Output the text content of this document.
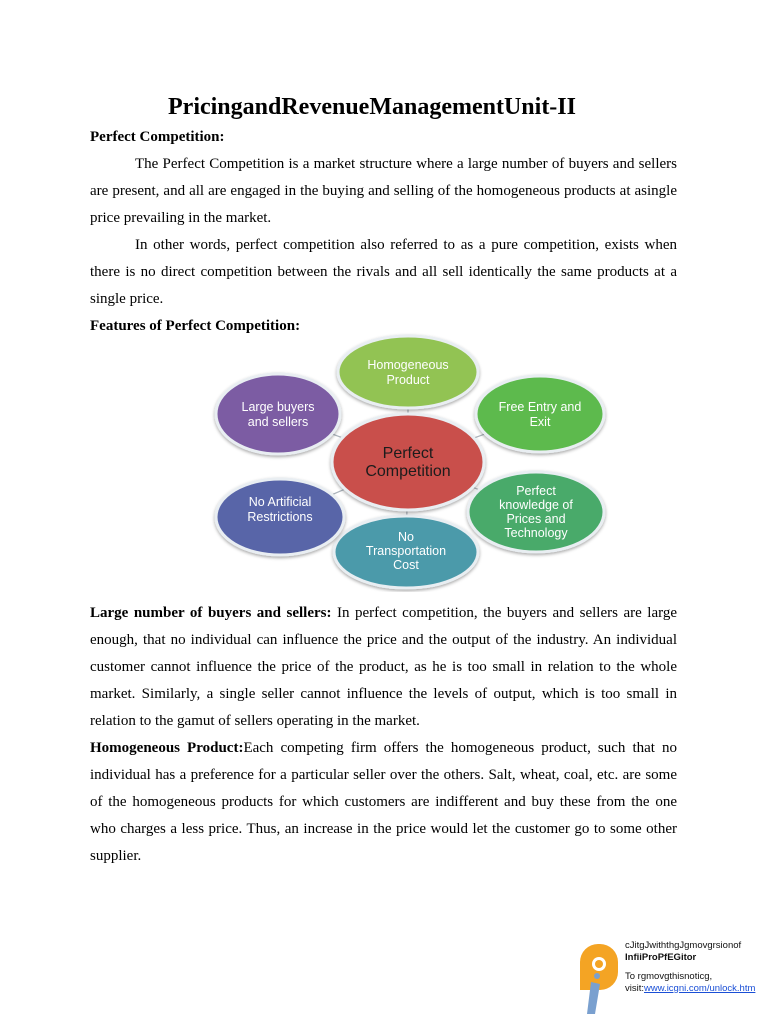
PricingandRevenueManagementUnit-II

Perfect Competition:

The Perfect Competition is a market structure where a large number of buyers and sellers are present, and all are engaged in the buying and selling of the homogeneous products at asingle price prevailing in the market.

In other words, perfect competition also referred to as a pure competition, exists when there is no direct competition between the rivals and all sell identically the same products at a single price.

Features of Perfect Competition:

Homogeneous
Product
Free Entry and
Exit
Perfect
knowledge of
Prices and
Technology
No
Transportation
Cost
No Artificial
Restrictions
Large buyers
and sellers
Perfect
Competition

Large number of buyers and sellers: In perfect competition, the buyers and sellers are large enough, that no individual can influence the price and the output of the industry. An individual customer cannot influence the price of the product, as he is too small in relation to the whole market. Similarly, a single seller cannot influence the levels of output, which is too small in relation to the gamut of sellers operating in the market.

Homogeneous Product:Each competing firm offers the homogeneous product, such that no individual has a preference for a particular seller over the others. Salt, wheat, coal, etc. are some of the homogeneous products for which customers are indifferent and buy these from the one who charges a less price. Thus, an increase in the price would let the customer go to some other supplier.

cJitgJwiththgJgmovgrsionof
InfiiProPfEGitor
To rgmovgthisnoticg,
visit:www.icgni.com/unlock.htm
